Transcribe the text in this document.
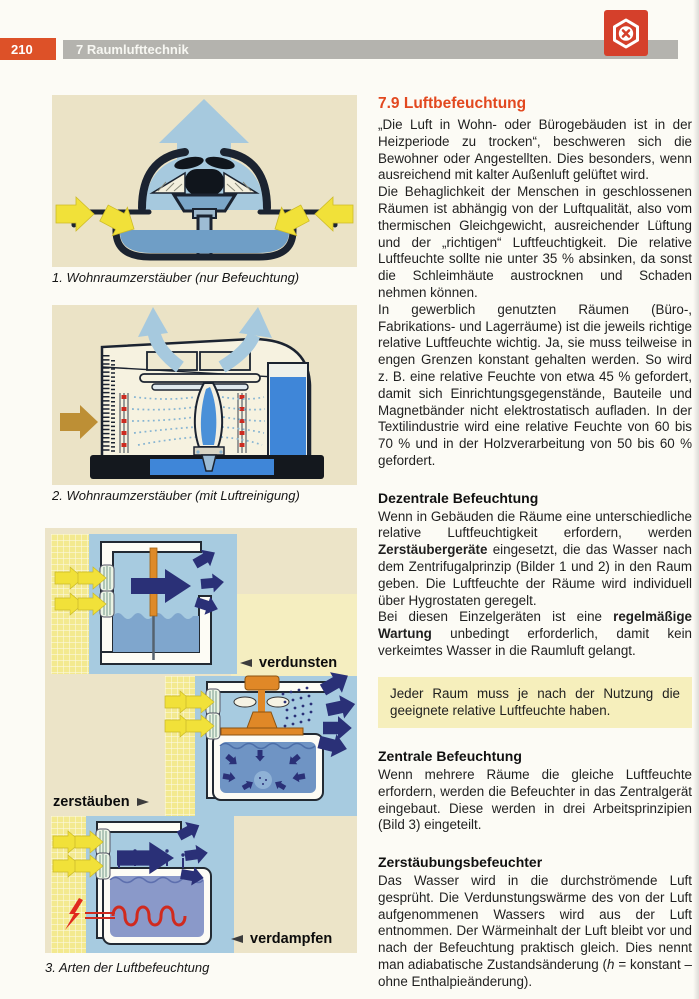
210	7 Raumlufttechnik
1. Wohnraumzerstäuber (nur Befeuchtung)
2. Wohnraumzerstäuber (mit Luftreinigung)
verdunsten
zerstäuben
verdampfen
3. Arten der Luftbefeuchtung
7.9 Luftbefeuchtung

„Die Luft in Wohn- oder Bürogebäuden ist in der Heizperiode zu trocken“, beschweren sich die Bewohner oder Angestellten. Dies besonders, wenn ausreichend mit kalter Außenluft gelüftet wird.

Die Behaglichkeit der Menschen in geschlossenen Räumen ist abhängig von der Luftqualität, also vom thermischen Gleichgewicht, ausreichender Lüftung und der „richtigen“ Luftfeuchtigkeit. Die relative Luftfeuchte sollte nie unter 35 % absinken, da sonst die Schleimhäute austrocknen und Schaden nehmen können.

In gewerblich genutzten Räumen (Büro-, Fabrikations- und Lagerräume) ist die jeweils richtige relative Luftfeuchte wichtig. Ja, sie muss teilweise in engen Grenzen konstant gehalten werden. So wird z. B. eine relative Feuchte von etwa 45 % gefordert, damit sich Einrichtungsgegenstände, Bauteile und Magnetbänder nicht elektrostatisch aufladen. In der Textilindustrie wird eine relative Feuchte von 60 bis 70 % und in der Holzverarbeitung von 50 bis 60 % gefordert.

Dezentrale Befeuchtung

Wenn in Gebäuden die Räume eine unterschiedliche relative Luftfeuchtigkeit erfordern, werden Zerstäubergeräte eingesetzt, die das Wasser nach dem Zentrifugalprinzip (Bilder 1 und 2) in den Raum geben. Die Luftfeuchte der Räume wird individuell über Hygrostaten geregelt.

Bei diesen Einzelgeräten ist eine regelmäßige Wartung unbedingt erforderlich, damit kein verkeimtes Wasser in die Raumluft gelangt.

Jeder Raum muss je nach der Nutzung die geeignete relative Luftfeuchte haben.
Zentrale Befeuchtung

Wenn mehrere Räume die gleiche Luftfeuchte erfordern, werden die Befeuchter in das Zentralgerät eingebaut. Diese werden in drei Arbeitsprinzipien (Bild 3) eingeteilt.

Zerstäubungsbefeuchter

Das Wasser wird in die durchströmende Luft gesprüht. Die Verdunstungswärme des von der Luft aufgenommenen Wassers wird aus der Luft entnommen. Der Wärmeinhalt der Luft bleibt vor und nach der Befeuchtung praktisch gleich. Dies nennt man adiabatische Zustandsänderung (h = konstant – ohne Enthalpieänderung).
